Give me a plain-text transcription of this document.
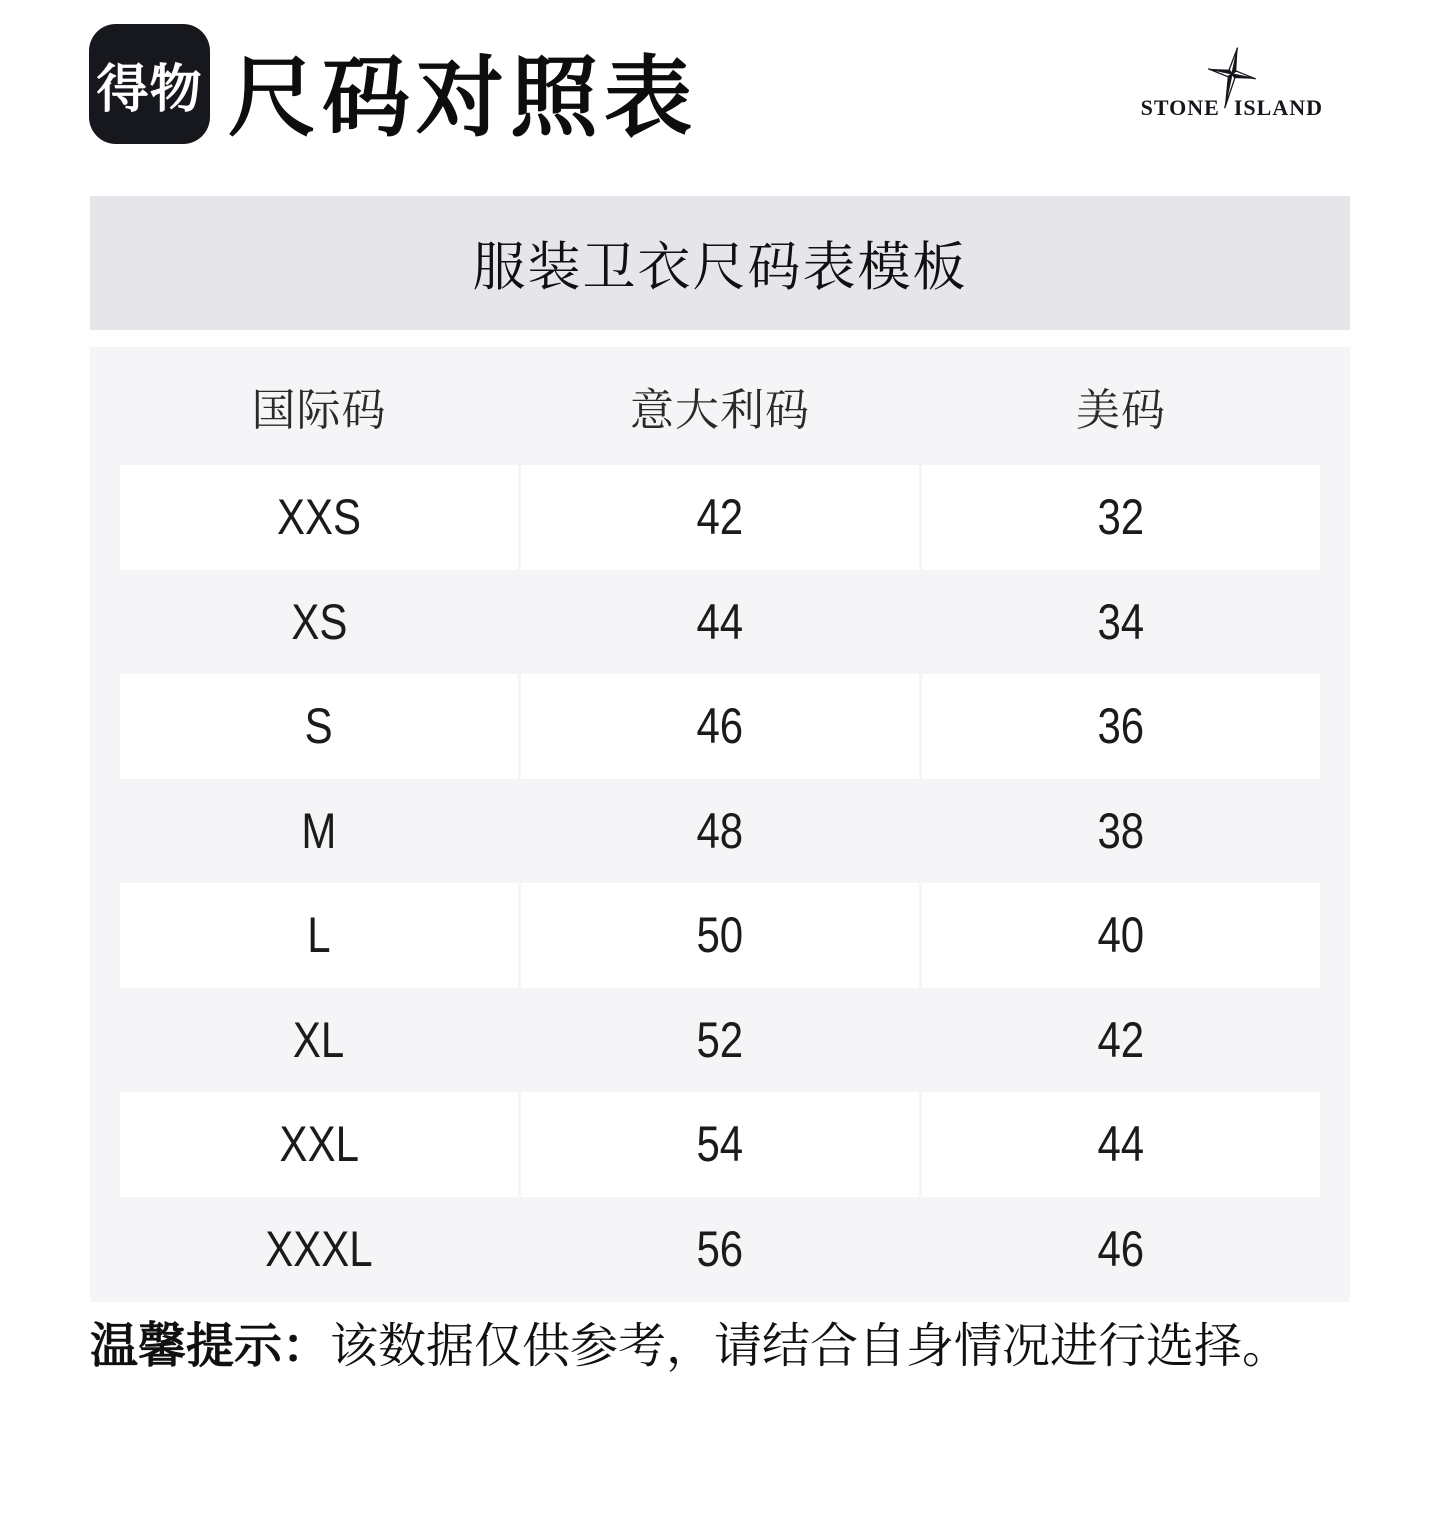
得物 尺码对照表	STONE ISLAND
服装卫衣尺码表模板
国际码	意大利码	美码
XXS	42	32
XS	44	34
S	46	36
M	48	38
L	50	40
XL	52	42
XXL	54	44
XXXL	56	46
温馨提示：该数据仅供参考，请结合自身情况进行选择。
